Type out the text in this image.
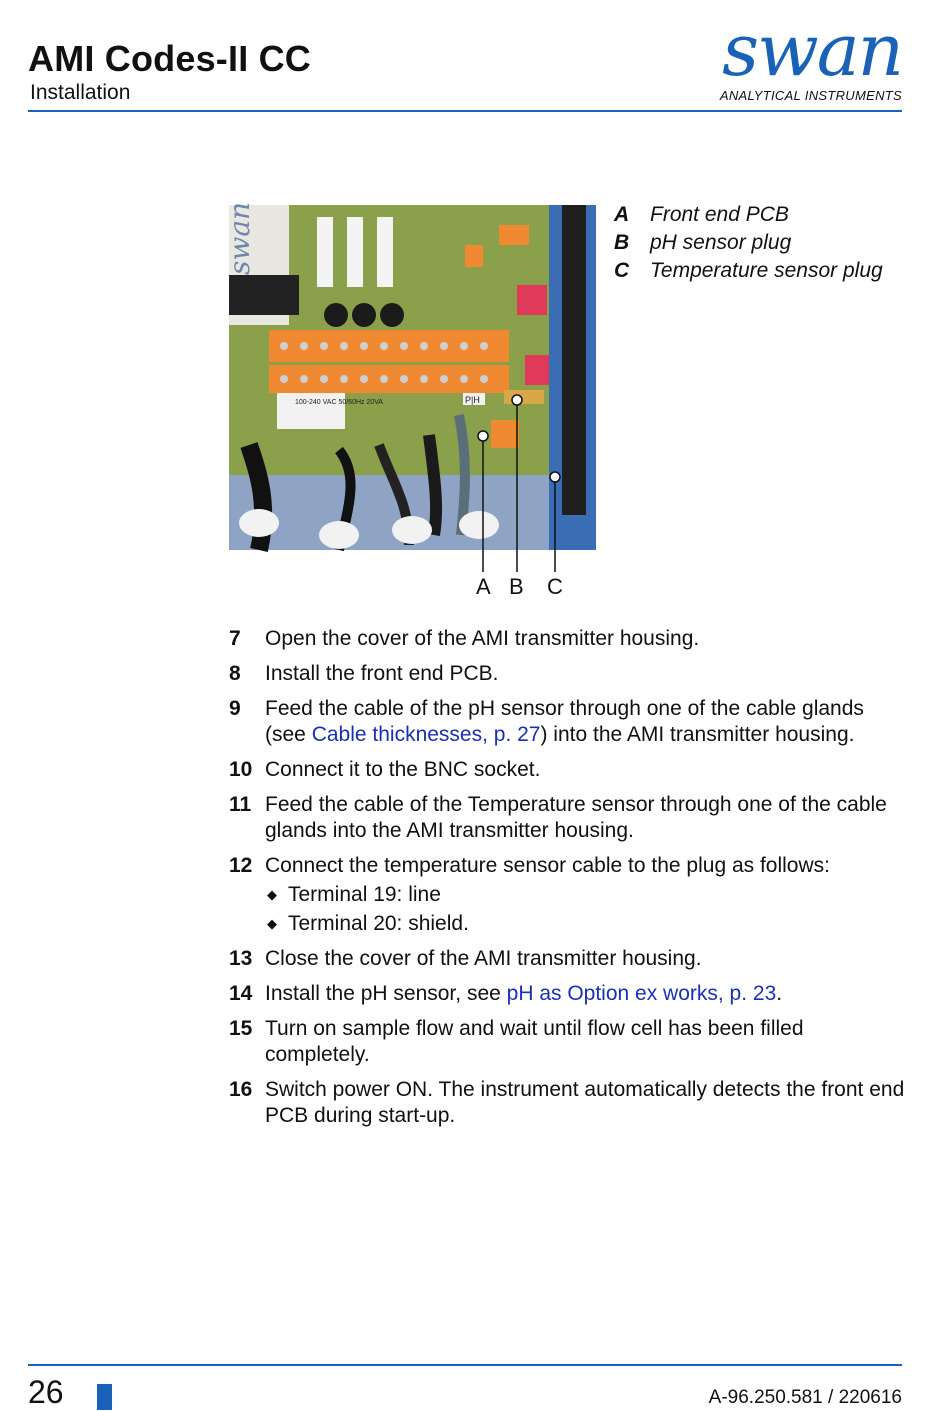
AMI Codes-II CC
Installation
swan
ANALYTICAL INSTRUMENTS
swan
100-240 VAC 50/60Hz 20VA	P|H
A B C
A Front end PCB
B pH sensor plug
C Temperature sensor plug
7	Open the cover of the AMI transmitter housing.
8	Install the front end PCB.
9	Feed the cable of the pH sensor through one of the cable glands (see Cable thicknesses, p. 27) into the AMI transmitter housing.
10 Connect it to the BNC socket.
11 Feed the cable of the Temperature sensor through one of the cable glands into the AMI transmitter housing.
12 Connect the temperature sensor cable to the plug as follows:
◆ Terminal 19: line
◆ Terminal 20: shield.
13 Close the cover of the AMI transmitter housing.
14 Install the pH sensor, see pH as Option ex works, p. 23.
15 Turn on sample flow and wait until flow cell has been filled completely.
16 Switch power ON. The instrument automatically detects the front end PCB during start-up.
26	A-96.250.581 / 220616
